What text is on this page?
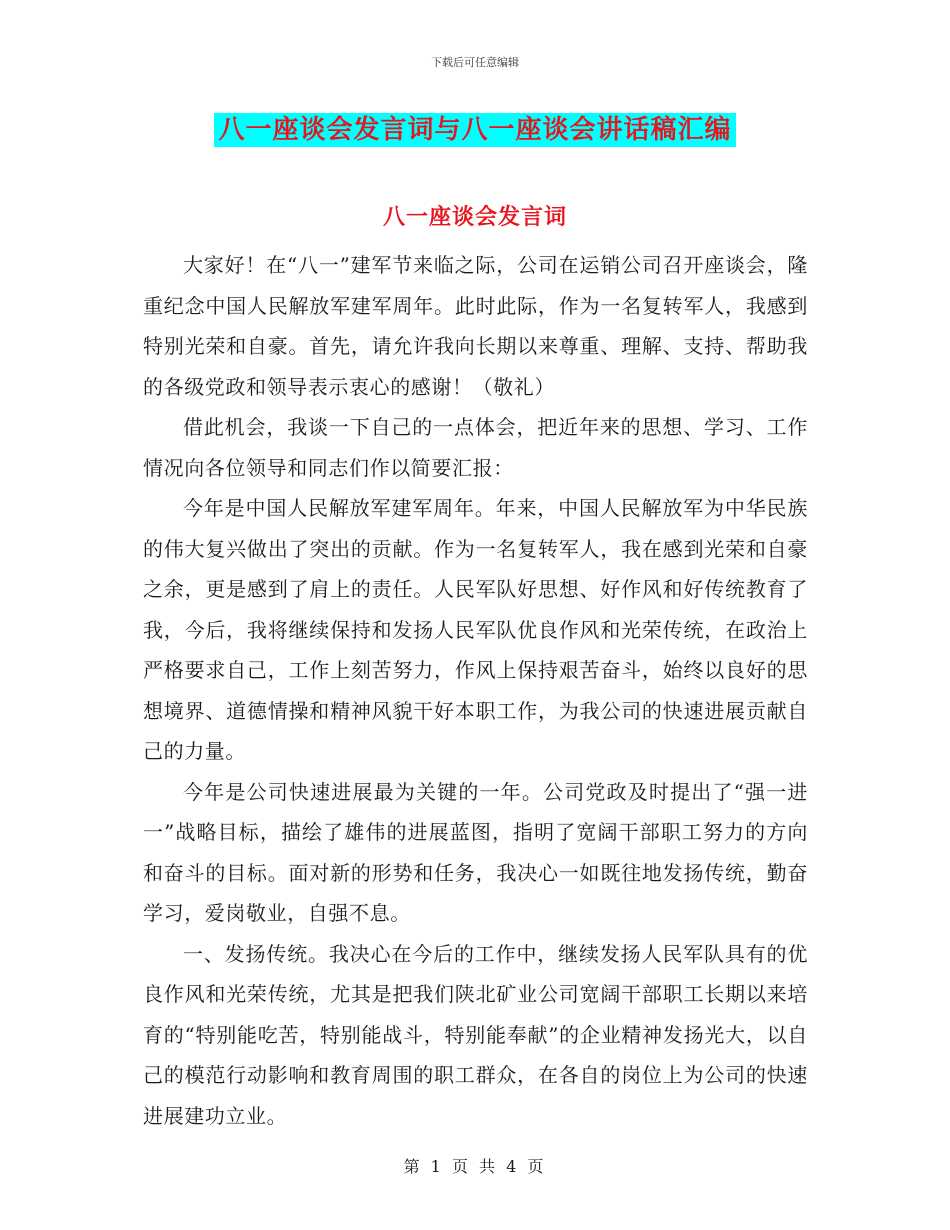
下载后可任意编辑
八一座谈会发言词与八一座谈会讲话稿汇编
八一座谈会发言词

大家好！在“八一”建军节来临之际，公司在运销公司召开座谈会，隆重纪念中国人民解放军建军周年。此时此际，作为一名复转军人，我感到特别光荣和自豪。首先，请允许我向长期以来尊重、理解、支持、帮助我的各级党政和领导表示衷心的感谢！（敬礼）

借此机会，我谈一下自己的一点体会，把近年来的思想、学习、工作情况向各位领导和同志们作以简要汇报：

今年是中国人民解放军建军周年。年来，中国人民解放军为中华民族的伟大复兴做出了突出的贡献。作为一名复转军人，我在感到光荣和自豪之余，更是感到了肩上的责任。人民军队好思想、好作风和好传统教育了我，今后，我将继续保持和发扬人民军队优良作风和光荣传统，在政治上严格要求自己，工作上刻苦努力，作风上保持艰苦奋斗，始终以良好的思想境界、道德情操和精神风貌干好本职工作，为我公司的快速进展贡献自己的力量。

今年是公司快速进展最为关键的一年。公司党政及时提出了“强一进一”战略目标，描绘了雄伟的进展蓝图，指明了宽阔干部职工努力的方向和奋斗的目标。面对新的形势和任务，我决心一如既往地发扬传统，勤奋学习，爱岗敬业，自强不息。

一、发扬传统。我决心在今后的工作中，继续发扬人民军队具有的优良作风和光荣传统，尤其是把我们陕北矿业公司宽阔干部职工长期以来培育的“特别能吃苦，特别能战斗，特别能奉献”的企业精神发扬光大，以自己的模范行动影响和教育周围的职工群众，在各自的岗位上为公司的快速进展建功立业。

第 1 页 共 4 页
